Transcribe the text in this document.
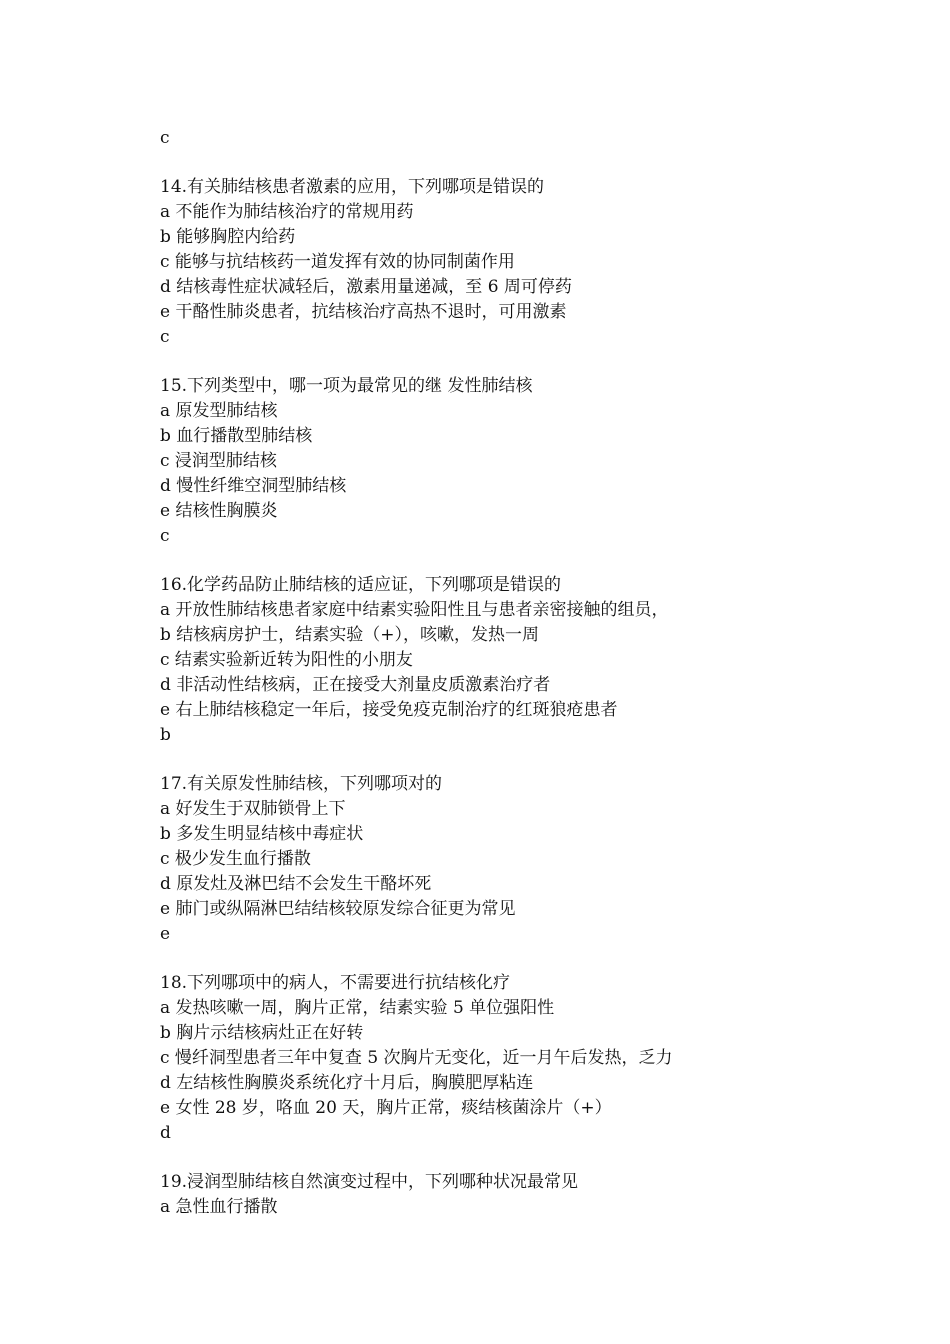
c
14.有关肺结核患者激素的应用，下列哪项是错误的
a 不能作为肺结核治疗的常规用药
b 能够胸腔内给药
c 能够与抗结核药一道发挥有效的协同制菌作用
d 结核毒性症状减轻后，激素用量递减，至 6 周可停药
e 干酪性肺炎患者，抗结核治疗高热不退时，可用激素
c
15.下列类型中，哪一项为最常见的继 发性肺结核
a 原发型肺结核
b 血行播散型肺结核
c 浸润型肺结核
d 慢性纤维空洞型肺结核
e 结核性胸膜炎
c
16.化学药品防止肺结核的适应证，下列哪项是错误的
a 开放性肺结核患者家庭中结素实验阳性且与患者亲密接触的组员，
b 结核病房护士，结素实验（+），咳嗽，发热一周
c 结素实验新近转为阳性的小朋友
d 非活动性结核病，正在接受大剂量皮质激素治疗者
e 右上肺结核稳定一年后，接受免疫克制治疗的红斑狼疮患者
b
17.有关原发性肺结核，下列哪项对的
a 好发生于双肺锁骨上下
b 多发生明显结核中毒症状
c 极少发生血行播散
d 原发灶及淋巴结不会发生干酪坏死
e 肺门或纵隔淋巴结结核较原发综合征更为常见
e
18.下列哪项中的病人，不需要进行抗结核化疗
a 发热咳嗽一周，胸片正常，结素实验 5 单位强阳性
b 胸片示结核病灶正在好转
c 慢纤洞型患者三年中复查 5 次胸片无变化，近一月午后发热，乏力
d 左结核性胸膜炎系统化疗十月后，胸膜肥厚粘连
e 女性 28 岁，咯血 20 天，胸片正常，痰结核菌涂片（+）
d
19.浸润型肺结核自然演变过程中，下列哪种状况最常见
a 急性血行播散
